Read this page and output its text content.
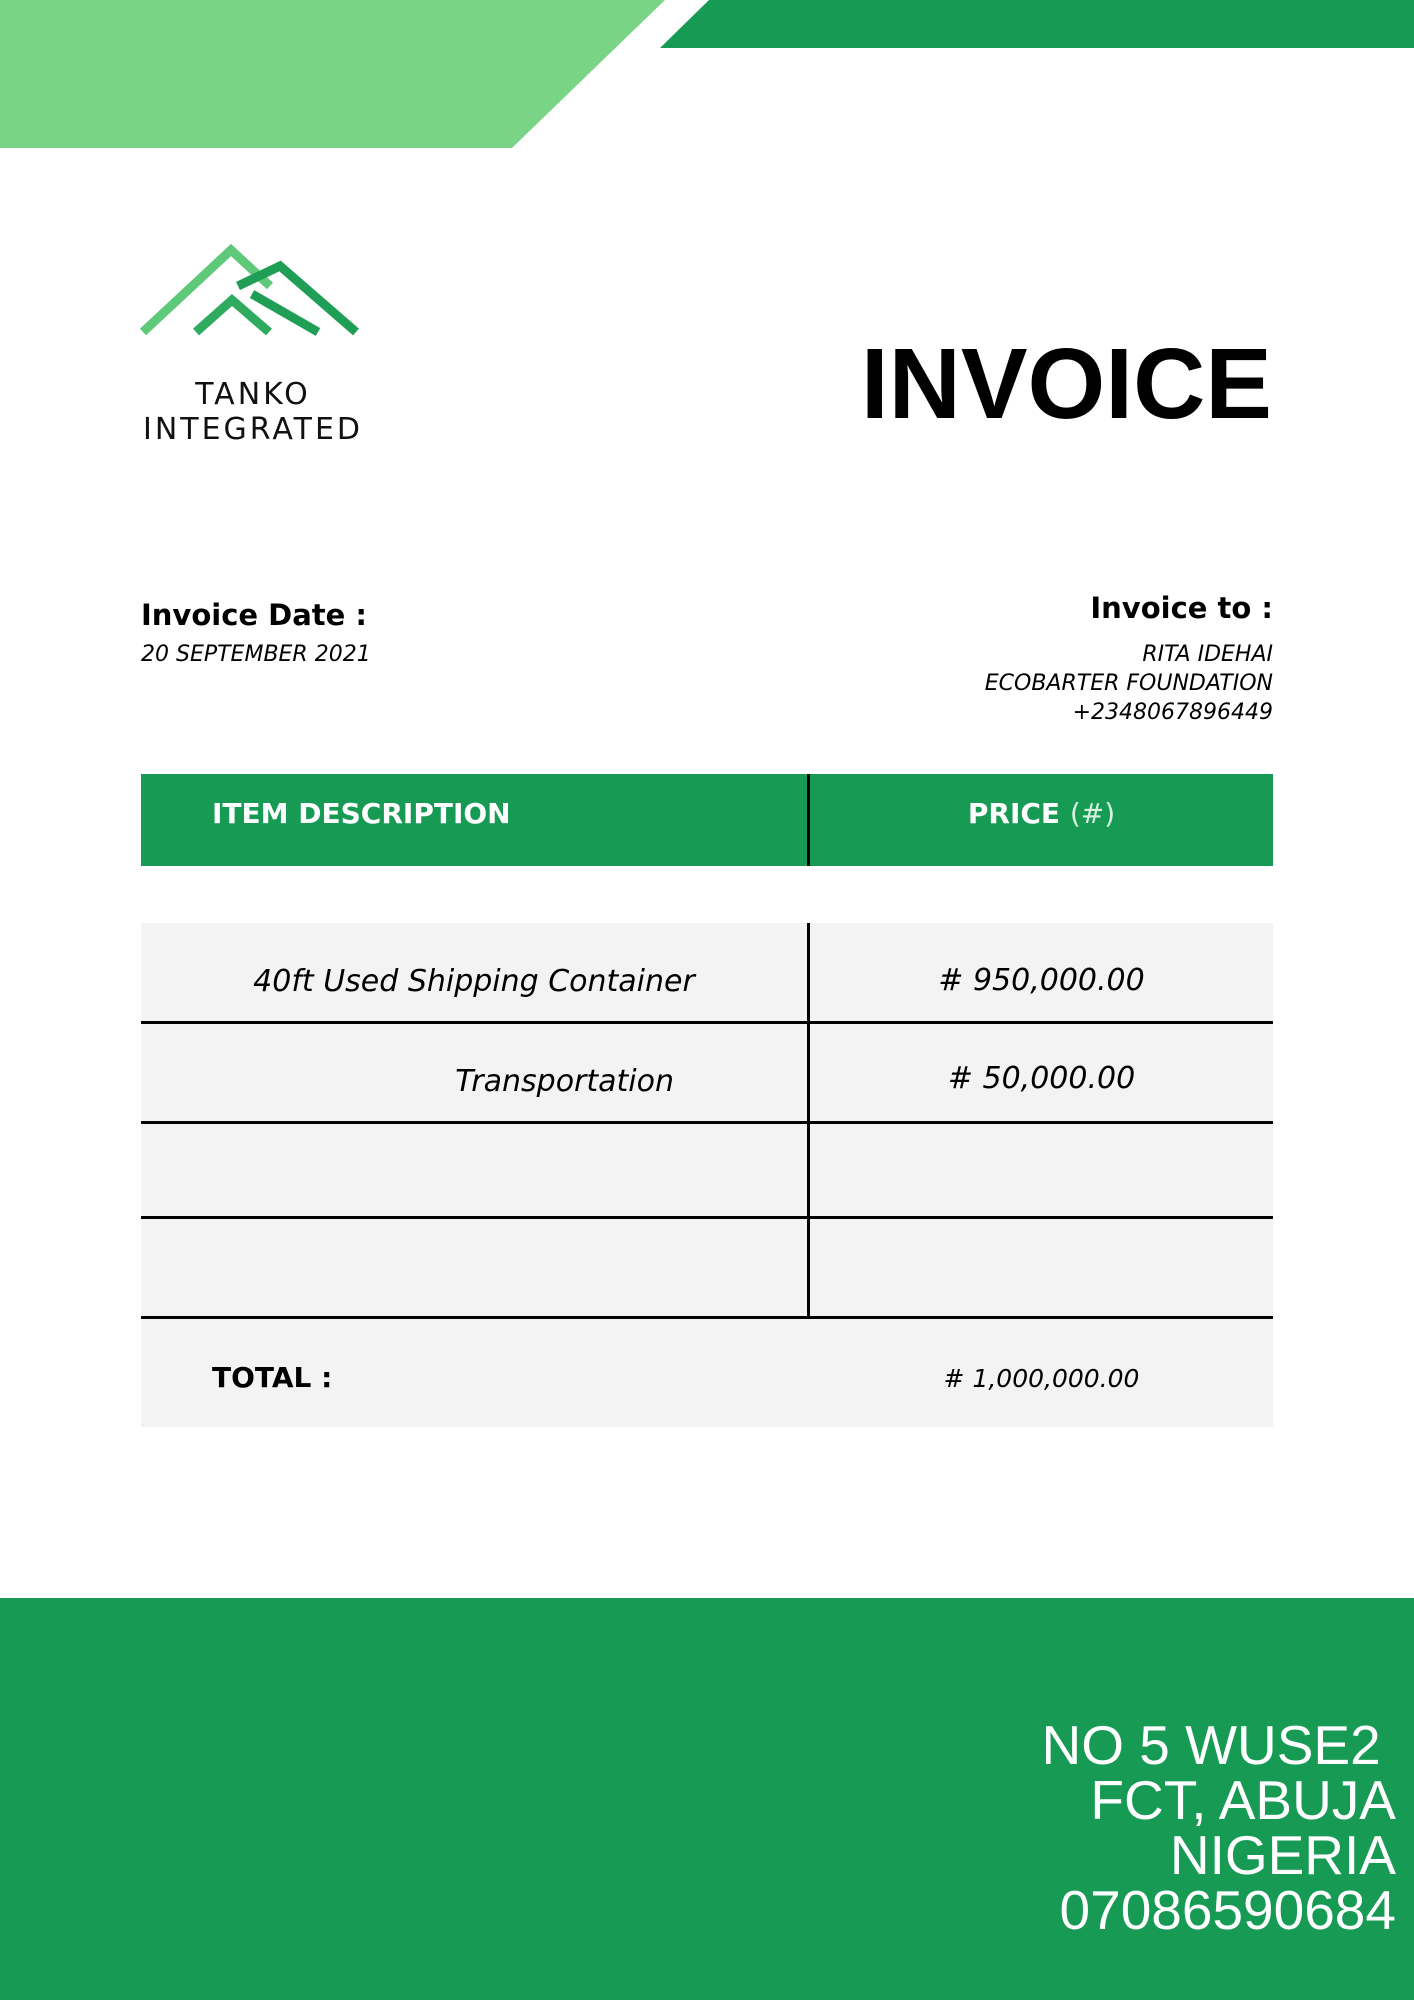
TANKO
INTEGRATED	INVOICE
Invoice Date :
20 SEPTEMBER 2021
Invoice to :
RITA IDEHAI
ECOBARTER FOUNDATION
+2348067896449
ITEM DESCRIPTION	PRICE (#)
40ft Used Shipping Container	# 950,000.00
Transportation	# 50,000.00
TOTAL :	# 1,000,000.00
NO 5 WUSE2
FCT, ABUJA
NIGERIA
07086590684
